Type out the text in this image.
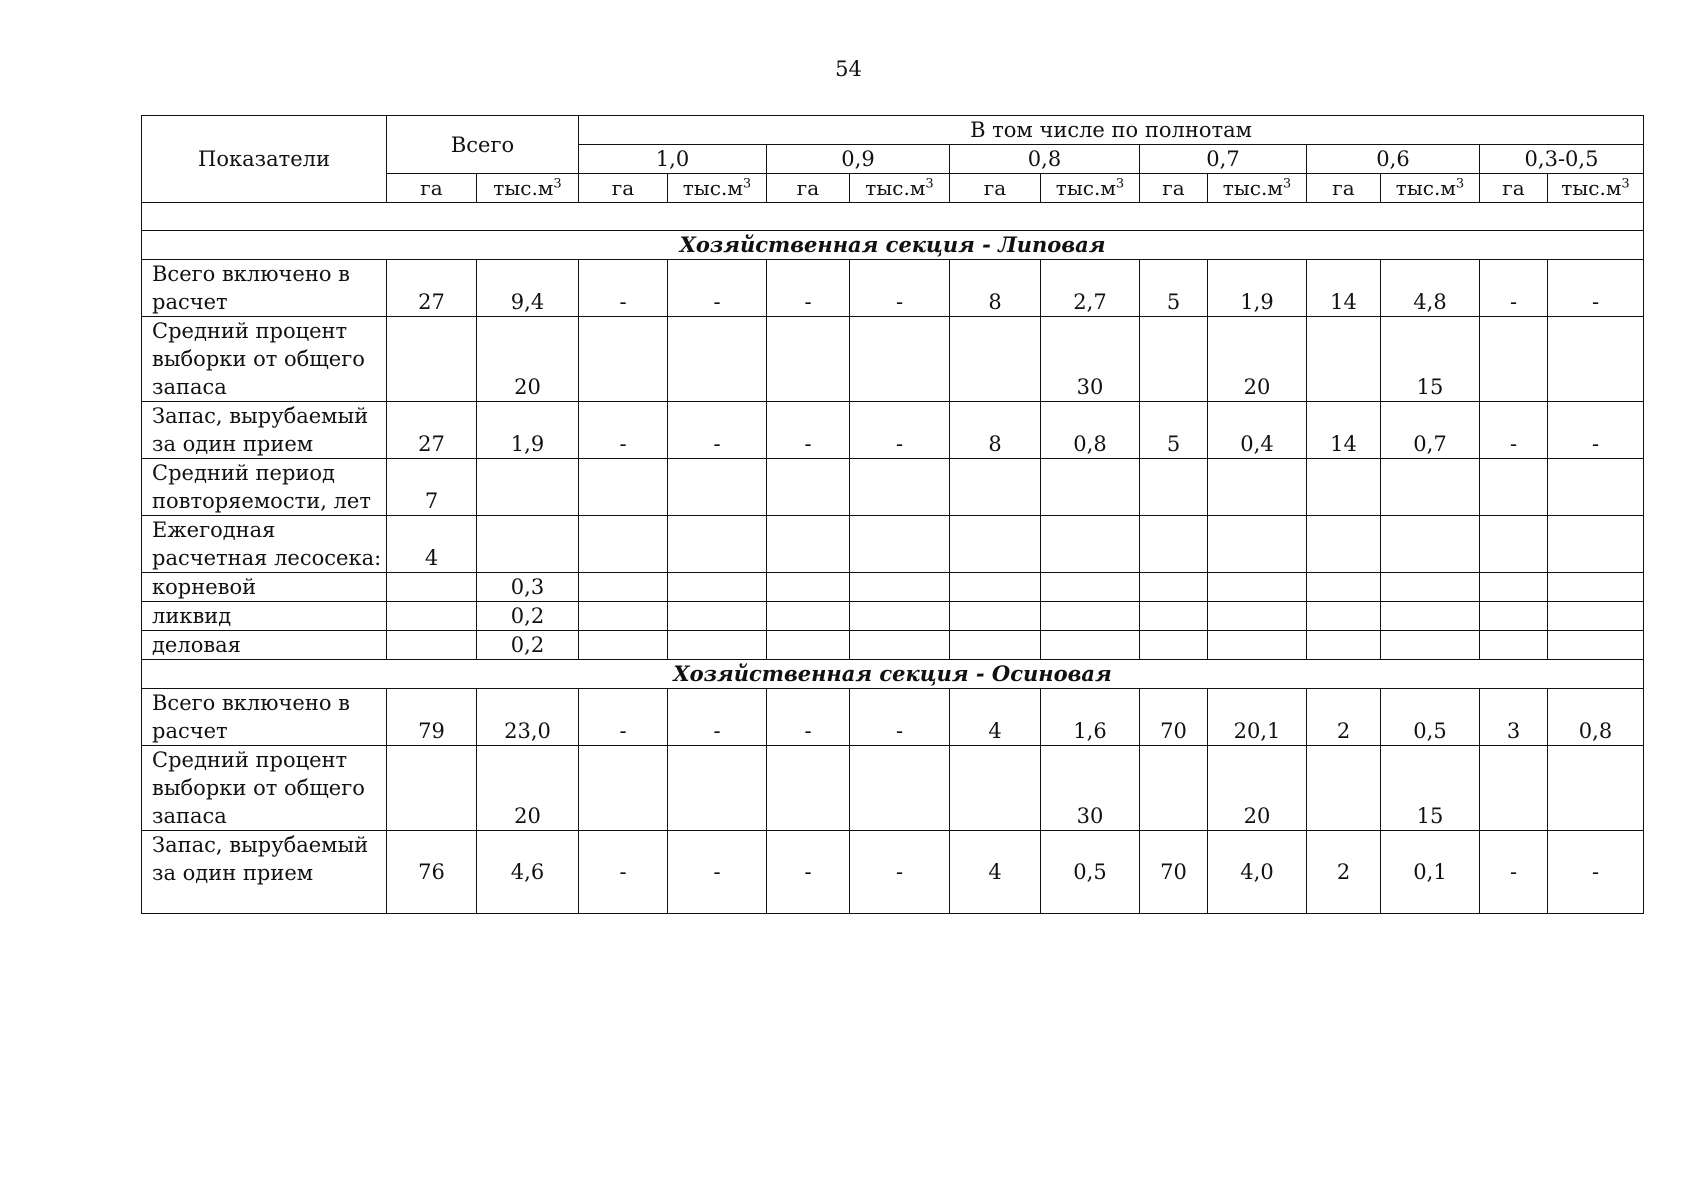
54
Показатели	Всего		В том числе по полнотам											
			1,0		0,9		0,8		0,7		0,6		0,3-0,5	
	га	$тыс.м^3$	га	$тыс.м^3$	га	$тыс.м^3$	га	$тыс.м^3$	га	$тыс.м^3$	га	$тыс.м^3$	га	$тыс.м^3$

Хозяйственная секция - Липовая														
Всего включено в расчет	27	9,4	-	-	-	-	8	2,7	5	1,9	14	4,8	-	-
Средний процент выборки от общего запаса		20						30		20		15		
Запас, вырубаемый за один прием	27	1,9	-	-	-	-	8	0,8	5	0,4	14	0,7	-	-
Средний период повторяемости, лет	7													
Ежегодная расчетная лесосека:	4													
корневой		0,3												
ликвид		0,2												
деловая		0,2												
Хозяйственная секция - Осиновая														
Всего включено в расчет	79	23,0	-	-	-	-	4	1,6	70	20,1	2	0,5	3	0,8
Средний процент выборки от общего запаса		20						30		20		15		
Запас, вырубаемый за один прием	76	4,6	-	-	-	-	4	0,5	70	4,0	2	0,1	-	-
